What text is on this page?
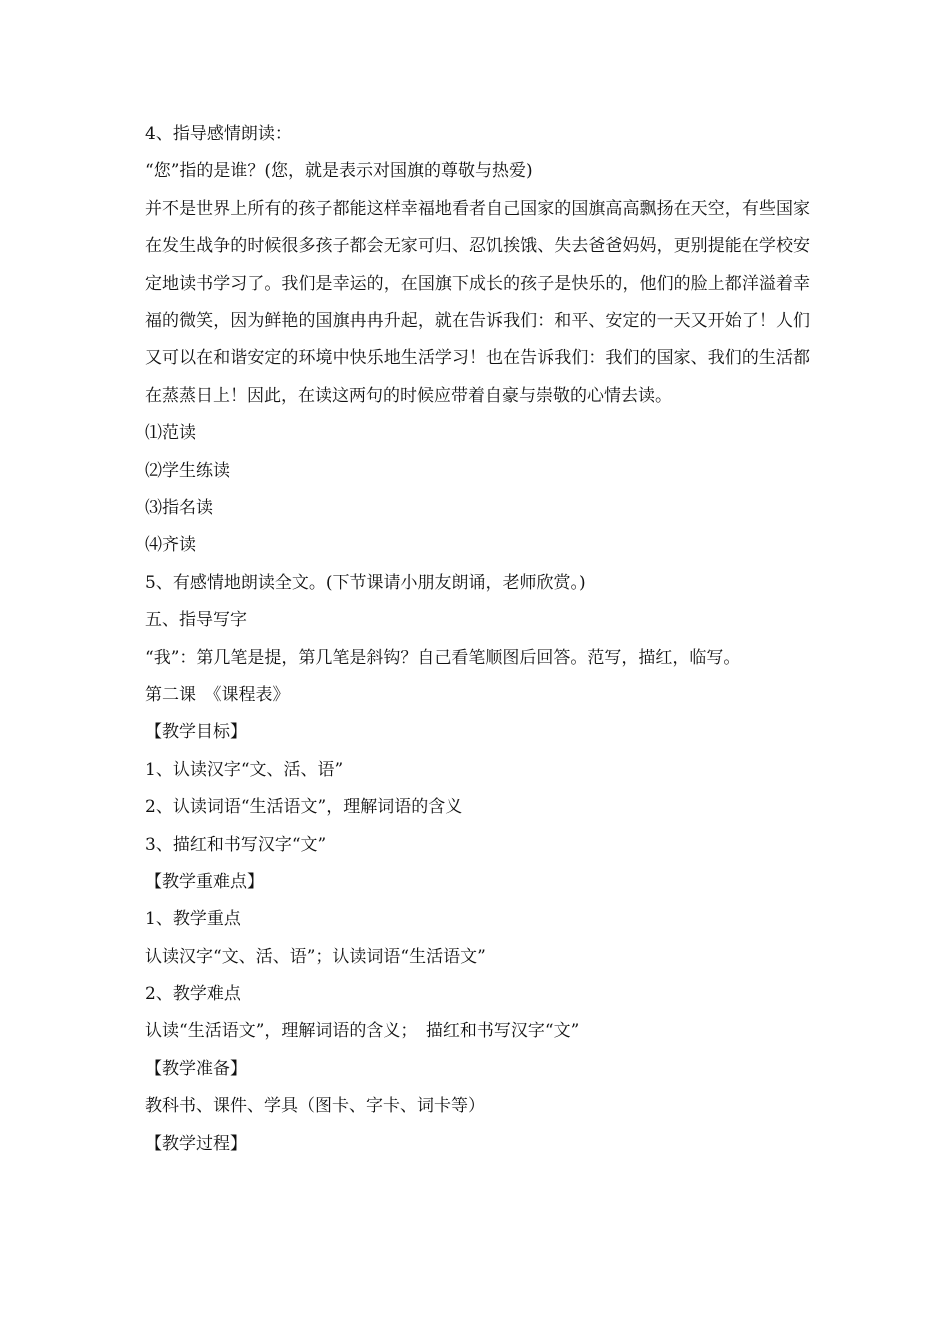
4、指导感情朗读：
“您”指的是谁？(您，就是表示对国旗的尊敬与热爱)
并不是世界上所有的孩子都能这样幸福地看者自己国家的国旗高高飘扬在天空，有些国家在发生战争的时候很多孩子都会无家可归、忍饥挨饿、失去爸爸妈妈，更别提能在学校安定地读书学习了。我们是幸运的，在国旗下成长的孩子是快乐的，他们的脸上都洋溢着幸福的微笑，因为鲜艳的国旗冉冉升起，就在告诉我们：和平、安定的一天又开始了！人们又可以在和谐安定的环境中快乐地生活学习！也在告诉我们：我们的国家、我们的生活都在蒸蒸日上！因此，在读这两句的时候应带着自豪与崇敬的心情去读。
⑴范读
⑵学生练读
⑶指名读
⑷齐读
5、有感情地朗读全文。(下节课请小朋友朗诵，老师欣赏。)
五、指导写字
“我”：第几笔是提，第几笔是斜钩？自己看笔顺图后回答。范写，描红，临写。
第二课　《课程表》
【教学目标】
1、认读汉字“文、活、语”
2、认读词语“生活语文”，理解词语的含义
3、描红和书写汉字“文”
【教学重难点】
1、教学重点
认读汉字“文、活、语”；认读词语“生活语文”
2、教学难点
认读“生活语文”，理解词语的含义；　描红和书写汉字“文”
【教学准备】
教科书、课件、学具（图卡、字卡、词卡等）
【教学过程】
